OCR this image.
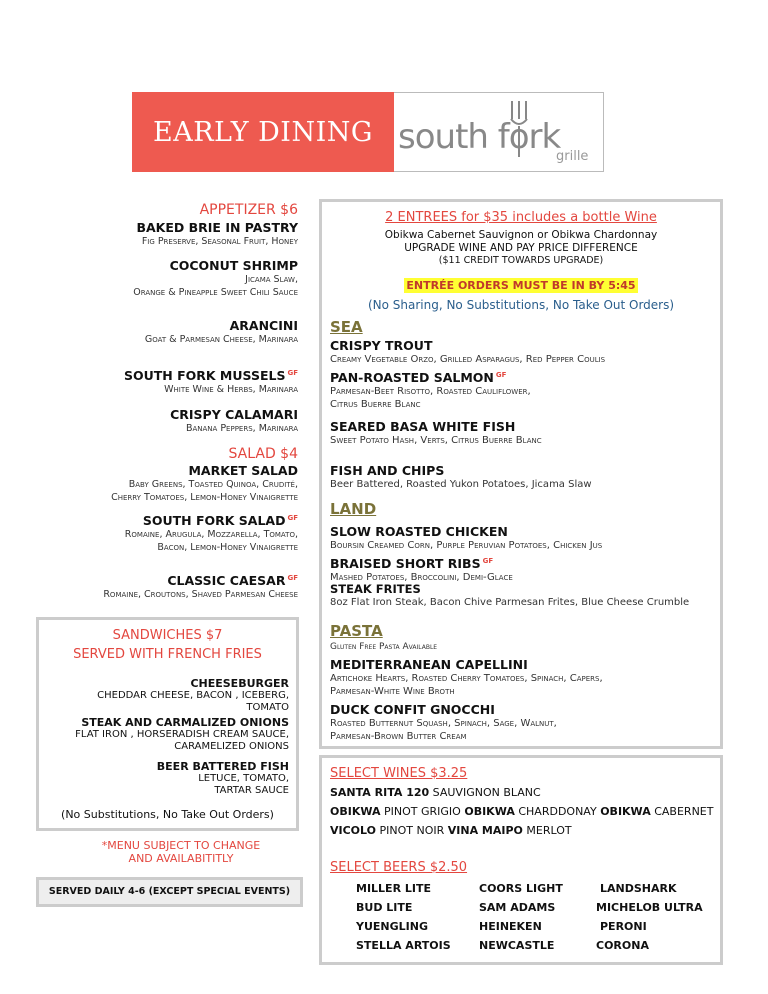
EARLY DINING south fork
grille
APPETIZER $6
BAKED BRIE IN PASTRY
Fig Preserve, Seasonal Fruit, Honey
COCONUT SHRIMP
Jicama Slaw,
Orange & Pineapple Sweet Chili Sauce
ARANCINI
Goat & Parmesan Cheese, Marinara
SOUTH FORK MUSSELS $^{GF}$
White Wine & Herbs, Marinara
CRISPY CALAMARI
Banana Peppers, Marinara
SALAD $4
MARKET SALAD
Baby Greens, Toasted Quinoa, Crudité,
Cherry Tomatoes, Lemon-Honey Vinaigrette
SOUTH FORK SALAD $^{GF}$
Romaine, Arugula, Mozzarella, Tomato,
Bacon, Lemon-Honey Vinaigrette
CLASSIC CAESAR $^{GF}$
Romaine, Croutons, Shaved Parmesan Cheese
SANDWICHES $7
SERVED WITH FRENCH FRIES
CHEESEBURGER
CHEDDAR CHEESE, BACON , ICEBERG,
TOMATO
STEAK AND CARMALIZED ONIONS
FLAT IRON , HORSERADISH CREAM SAUCE,
CARAMELIZED ONIONS
BEER BATTERED FISH
LETUCE, TOMATO,
TARTAR SAUCE
(No Substitutions, No Take Out Orders)
*MENU SUBJECT TO CHANGE
AND AVAILABITITLY
SERVED DAILY 4-6 (EXCEPT SPECIAL EVENTS)
2 ENTREES for $35 includes a bottle Wine
Obikwa Cabernet Sauvignon or Obikwa Chardonnay
UPGRADE WINE AND PAY PRICE DIFFERENCE
($11 CREDIT TOWARDS UPGRADE)
ENTRÉE ORDERS MUST BE IN BY 5:45
(No Sharing, No Substitutions, No Take Out Orders)
SEA
CRISPY TROUT
Creamy Vegetable Orzo, Grilled Asparagus, Red Pepper Coulis
PAN-ROASTED SALMON $^{GF}$
Parmesan-Beet Risotto, Roasted Cauliflower,
Citrus Buerre Blanc
SEARED BASA WHITE FISH
Sweet Potato Hash, Verts, Citrus Buerre Blanc
FISH AND CHIPS
Beer Battered, Roasted Yukon Potatoes, Jicama Slaw
LAND
SLOW ROASTED CHICKEN
Boursin Creamed Corn, Purple Peruvian Potatoes, Chicken Jus
BRAISED SHORT RIBS $^{GF}$
Mashed Potatoes, Broccolini, Demi-Glace
STEAK FRITES
8oz Flat Iron Steak, Bacon Chive Parmesan Frites, Blue Cheese Crumble
PASTA
Gluten Free Pasta Available
MEDITERRANEAN CAPELLINI
Artichoke Hearts, Roasted Cherry Tomatoes, Spinach, Capers,
Parmesan-White Wine Broth
DUCK CONFIT GNOCCHI
Roasted Butternut Squash, Spinach, Sage, Walnut,
Parmesan-Brown Butter Cream
SELECT WINES $3.25
SANTA RITA 120 SAUVIGNON BLANC
OBIKWA PINOT GRIGIO OBIKWA CHARDDONAY OBIKWA CABERNET
VICOLO PINOT NOIR VINA MAIPO MERLOT
SELECT BEERS $2.50
MILLER LITE	COORS LIGHT	LANDSHARK
BUD LITE	SAM ADAMS	MICHELOB ULTRA
YUENGLING	HEINEKEN	PERONI
STELLA ARTOIS	NEWCASTLE	CORONA
